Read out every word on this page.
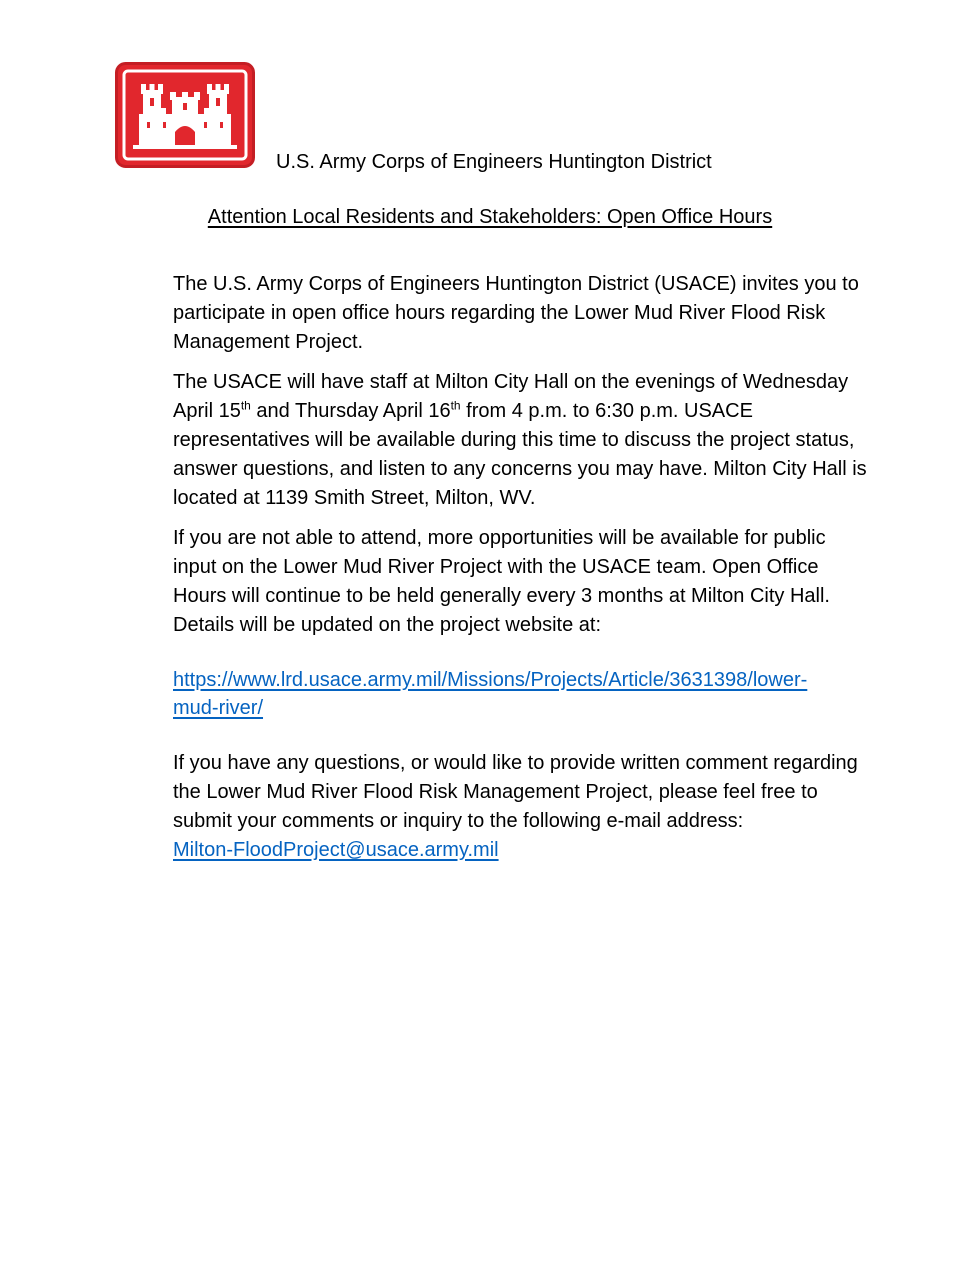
U.S. Army Corps of Engineers Huntington District
Attention Local Residents and Stakeholders: Open Office Hours

The U.S. Army Corps of Engineers Huntington District (USACE) invites you to participate in open office hours regarding the Lower Mud River Flood Risk Management Project.

The USACE will have staff at Milton City Hall on the evenings of Wednesday April 15th and Thursday April 16th from 4 p.m. to 6:30 p.m. USACE representatives will be available during this time to discuss the project status, answer questions, and listen to any concerns you may have. Milton City Hall is located at 1139 Smith Street, Milton, WV.

If you are not able to attend, more opportunities will be available for public input on the Lower Mud River Project with the USACE team. Open Office Hours will continue to be held generally every 3 months at Milton City Hall. Details will be updated on the project website at:

https://www.lrd.usace.army.mil/Missions/Projects/Article/3631398/lower-
mud-river/

If you have any questions, or would like to provide written comment regarding the Lower Mud River Flood Risk Management Project, please feel free to submit your comments or inquiry to the following e-mail address:
Milton-FloodProject@usace.army.mil
